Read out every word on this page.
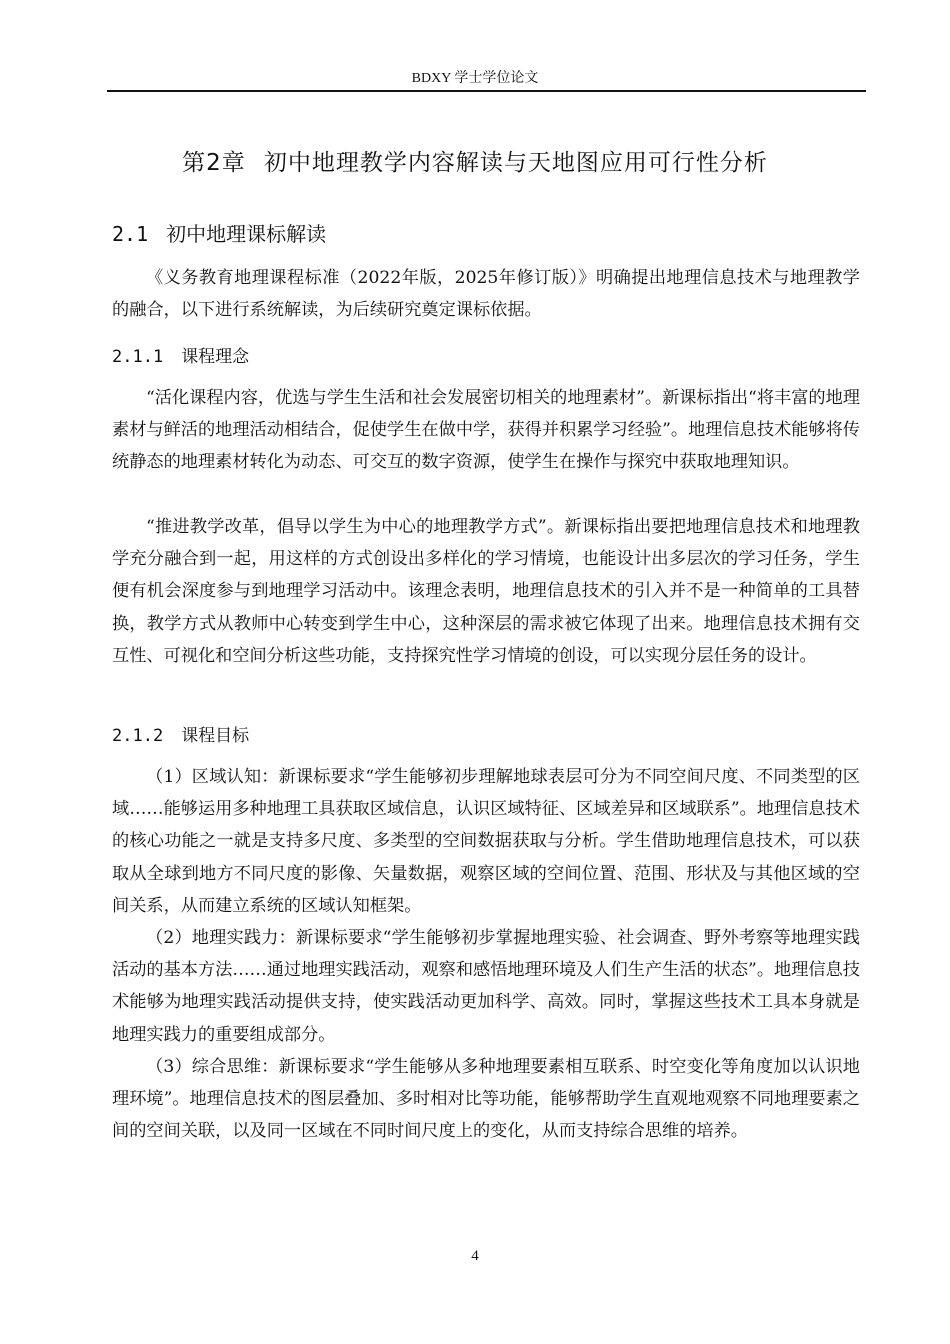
BDXY 学士学位论文
第2章 初中地理教学内容解读与天地图应用可行性分析
2.1 初中地理课标解读

《义务教育地理课程标准（2022年版，2025年修订版）》明确提出地理信息技术与地理教学的融合，以下进行系统解读，为后续研究奠定课标依据。

2.1.1 课程理念

“活化课程内容，优选与学生生活和社会发展密切相关的地理素材”。新课标指出“将丰富的地理素材与鲜活的地理活动相结合，促使学生在做中学，获得并积累学习经验”。地理信息技术能够将传统静态的地理素材转化为动态、可交互的数字资源，使学生在操作与探究中获取地理知识。

“推进教学改革，倡导以学生为中心的地理教学方式”。新课标指出要把地理信息技术和地理教学充分融合到一起，用这样的方式创设出多样化的学习情境，也能设计出多层次的学习任务，学生便有机会深度参与到地理学习活动中。该理念表明，地理信息技术的引入并不是一种简单的工具替换，教学方式从教师中心转变到学生中心，这种深层的需求被它体现了出来。地理信息技术拥有交互性、可视化和空间分析这些功能，支持探究性学习情境的创设，可以实现分层任务的设计。

2.1.2 课程目标

（1）区域认知：新课标要求“学生能够初步理解地球表层可分为不同空间尺度、不同类型的区域……能够运用多种地理工具获取区域信息，认识区域特征、区域差异和区域联系”。地理信息技术的核心功能之一就是支持多尺度、多类型的空间数据获取与分析。学生借助地理信息技术，可以获取从全球到地方不同尺度的影像、矢量数据，观察区域的空间位置、范围、形状及与其他区域的空间关系，从而建立系统的区域认知框架。

（2）地理实践力：新课标要求“学生能够初步掌握地理实验、社会调查、野外考察等地理实践活动的基本方法……通过地理实践活动，观察和感悟地理环境及人们生产生活的状态”。地理信息技术能够为地理实践活动提供支持，使实践活动更加科学、高效。同时，掌握这些技术工具本身就是地理实践力的重要组成部分。

（3）综合思维：新课标要求“学生能够从多种地理要素相互联系、时空变化等角度加以认识地理环境”。地理信息技术的图层叠加、多时相对比等功能，能够帮助学生直观地观察不同地理要素之间的空间关联，以及同一区域在不同时间尺度上的变化，从而支持综合思维的培养。

4
